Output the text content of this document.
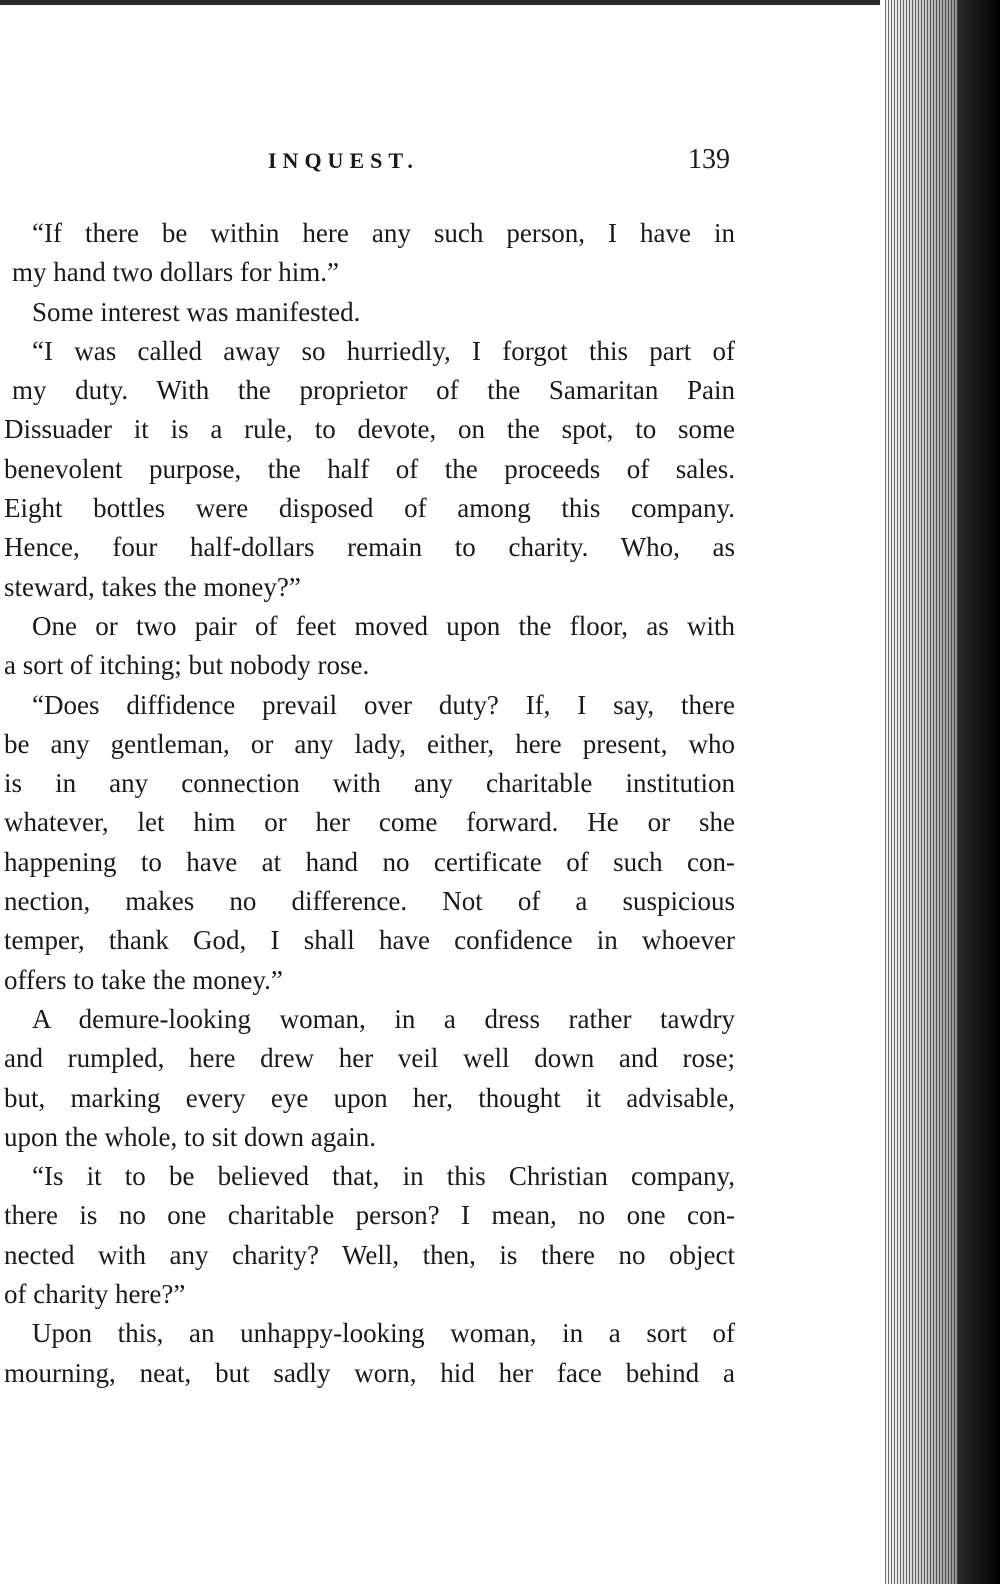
INQUEST.	139
“If there be within here any such person, I have in
my hand two dollars for him.”
Some interest was manifested.
“I was called away so hurriedly, I forgot this part of
my duty. With the proprietor of the Samaritan Pain
Dissuader it is a rule, to devote, on the spot, to some
benevolent purpose, the half of the proceeds of sales.
Eight bottles were disposed of among this company.
Hence, four half-dollars remain to charity. Who, as
steward, takes the money?”
One or two pair of feet moved upon the floor, as with
a sort of itching; but nobody rose.
“Does diffidence prevail over duty? If, I say, there
be any gentleman, or any lady, either, here present, who
is in any connection with any charitable institution
whatever, let him or her come forward. He or she
happening to have at hand no certificate of such con-
nection, makes no difference. Not of a suspicious
temper, thank God, I shall have confidence in whoever
offers to take the money.”
A demure-looking woman, in a dress rather tawdry
and rumpled, here drew her veil well down and rose;
but, marking every eye upon her, thought it advisable,
upon the whole, to sit down again.
“Is it to be believed that, in this Christian company,
there is no one charitable person? I mean, no one con-
nected with any charity? Well, then, is there no object
of charity here?”
Upon this, an unhappy-looking woman, in a sort of
mourning, neat, but sadly worn, hid her face behind a
